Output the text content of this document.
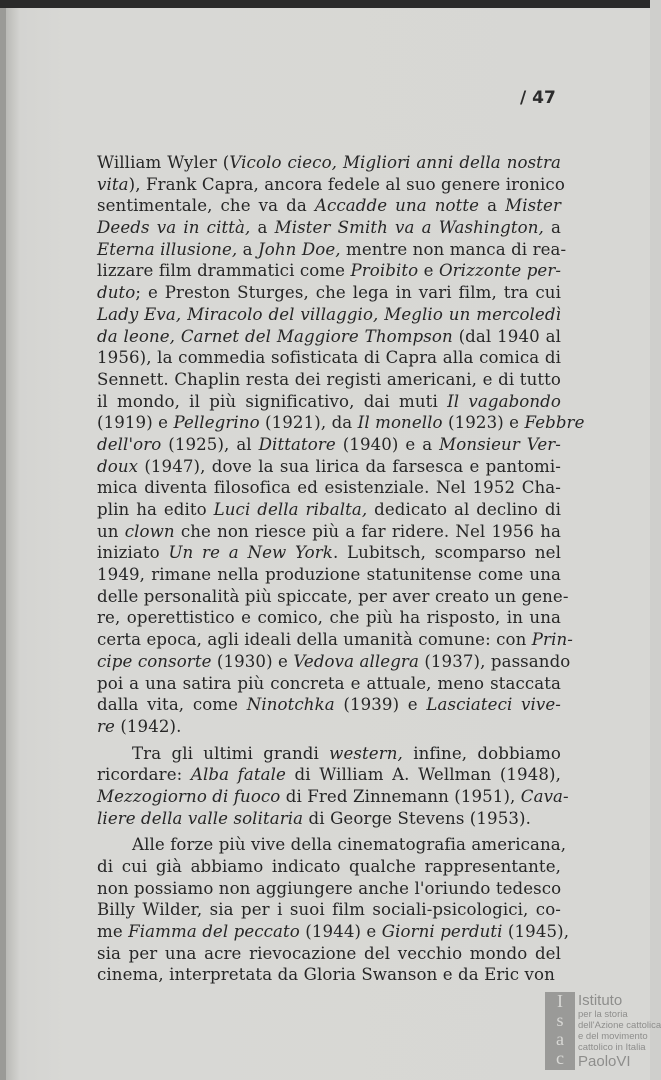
/ 47
William Wyler (Vicolo cieco, Migliori anni della nostra
vita), Frank Capra, ancora fedele al suo genere ironico
sentimentale, che va da Accadde una notte a Mister
Deeds va in città, a Mister Smith va a Washington, a
Eterna illusione, a John Doe, mentre non manca di rea-
lizzare film drammatici come Proibito e Orizzonte per-
duto; e Preston Sturges, che lega in vari film, tra cui
Lady Eva, Miracolo del villaggio, Meglio un mercoledì
da leone, Carnet del Maggiore Thompson (dal 1940 al
1956), la commedia sofisticata di Capra alla comica di
Sennett. Chaplin resta dei registi americani, e di tutto
il mondo, il più significativo, dai muti Il vagabondo
(1919) e Pellegrino (1921), da Il monello (1923) e Febbre
dell'oro (1925), al Dittatore (1940) e a Monsieur Ver-
doux (1947), dove la sua lirica da farsesca e pantomi-
mica diventa filosofica ed esistenziale. Nel 1952 Cha-
plin ha edito Luci della ribalta, dedicato al declino di
un clown che non riesce più a far ridere. Nel 1956 ha
iniziato Un re a New York. Lubitsch, scomparso nel
1949, rimane nella produzione statunitense come una
delle personalità più spiccate, per aver creato un gene-
re, operettistico e comico, che più ha risposto, in una
certa epoca, agli ideali della umanità comune: con Prin-
cipe consorte (1930) e Vedova allegra (1937), passando
poi a una satira più concreta e attuale, meno staccata
dalla vita, come Ninotchka (1939) e Lasciateci vive-
re (1942).
Tra gli ultimi grandi western, infine, dobbiamo
ricordare: Alba fatale di William A. Wellman (1948),
Mezzogiorno di fuoco di Fred Zinnemann (1951), Cava-
liere della valle solitaria di George Stevens (1953).
Alle forze più vive della cinematografia americana,
di cui già abbiamo indicato qualche rappresentante,
non possiamo non aggiungere anche l'oriundo tedesco
Billy Wilder, sia per i suoi film sociali-psicologici, co-
me Fiamma del peccato (1944) e Giorni perduti (1945),
sia per una acre rievocazione del vecchio mondo del
cinema, interpretata da Gloria Swanson e da Eric von
I
s
a
c
Istituto
per la storia
dell'Azione cattolica
e del movimento
cattolico in Italia
PaoloVI
